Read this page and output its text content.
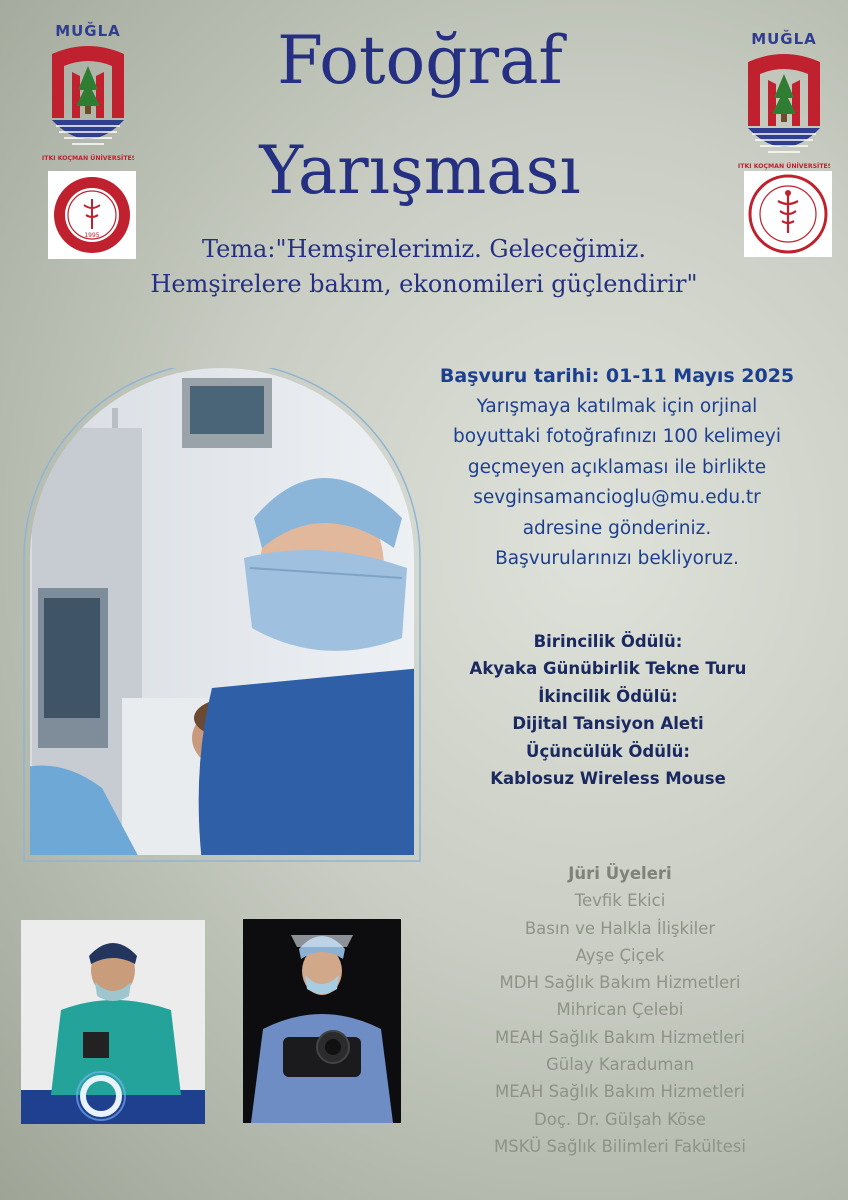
Fotoğraf
Yarışması
Tema:"Hemşirelerimiz. Geleceğimiz.
Hemşirelere bakım, ekonomileri güçlendirir"
MUĞLA
SITKI KOÇMAN ÜNİVERSİTESİ
MUĞLA
SITKI KOÇMAN ÜNİVERSİTESİ
1995
Başvuru tarihi: 01-11 Mayıs 2025
Yarışmaya katılmak için orjinal
boyuttaki fotoğrafınızı 100 kelimeyi
geçmeyen açıklaması ile birlikte
sevginsamancioglu@mu.edu.tr
adresine gönderiniz.
Başvurularınızı bekliyoruz.
Birincilik Ödülü:
Akyaka Günübirlik Tekne Turu
İkincilik Ödülü:
Dijital Tansiyon Aleti
Üçüncülük Ödülü:
Kablosuz Wireless Mouse
Jüri Üyeleri
Tevfik Ekici
Basın ve Halkla İlişkiler
Ayşe Çiçek
MDH Sağlık Bakım Hizmetleri
Mihrican Çelebi
MEAH Sağlık Bakım Hizmetleri
Gülay Karaduman
MEAH Sağlık Bakım Hizmetleri
Doç. Dr. Gülşah Köse
MSKÜ Sağlık Bilimleri Fakültesi
